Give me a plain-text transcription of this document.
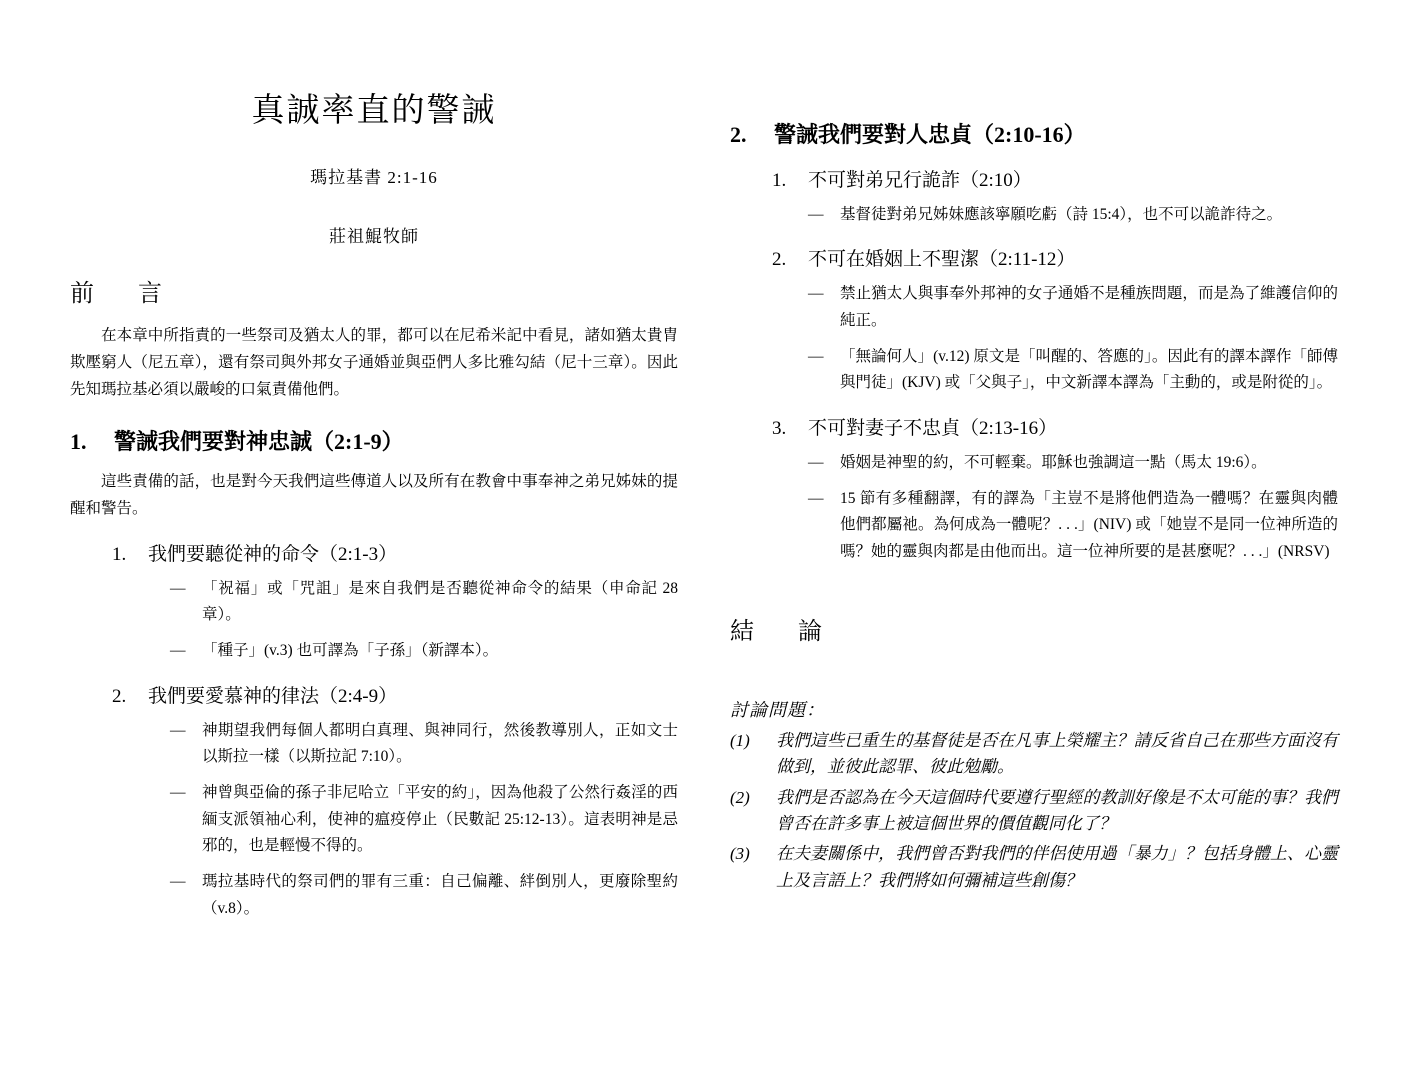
真誠率直的警誡
瑪拉基書 2:1-16
莊祖鯤牧師
前　言

在本章中所指責的一些祭司及猶太人的罪，都可以在尼希米記中看見，諸如猶太貴胄欺壓窮人（尼五章），還有祭司與外邦女子通婚並與亞們人多比雅勾結（尼十三章）。因此先知瑪拉基必須以嚴峻的口氣責備他們。

1.	警誡我們要對神忠誠（2:1-9）

這些責備的話，也是對今天我們這些傳道人以及所有在教會中事奉神之弟兄姊妹的提醒和警告。

1.	我們要聽從神的命令（2:1-3）
— 「祝福」或「咒詛」是來自我們是否聽從神命令的結果（申命記 28 章）。
— 「種子」(v.3) 也可譯為「子孫」（新譯本）。
2.	我們要愛慕神的律法（2:4-9）
— 神期望我們每個人都明白真理、與神同行，然後教導別人，正如文士以斯拉一樣（以斯拉記 7:10）。
— 神曾與亞倫的孫子非尼哈立「平安的約」，因為他殺了公然行姦淫的西緬支派領袖心利，使神的瘟疫停止（民數記 25:12-13）。這表明神是忌邪的，也是輕慢不得的。
— 瑪拉基時代的祭司們的罪有三重：自己偏離、絆倒別人，更廢除聖約（v.8）。
2.	警誡我們要對人忠貞（2:10-16）
1.	不可對弟兄行詭詐（2:10）
— 基督徒對弟兄姊妹應該寧願吃虧（詩 15:4），也不可以詭詐待之。
2.	不可在婚姻上不聖潔（2:11-12）
— 禁止猶太人與事奉外邦神的女子通婚不是種族問題，而是為了維護信仰的純正。
— 「無論何人」(v.12) 原文是「叫醒的、答應的」。因此有的譯本譯作「師傅與門徒」(KJV) 或「父與子」，中文新譯本譯為「主動的，或是附從的」。
3.	不可對妻子不忠貞（2:13-16）
— 婚姻是神聖的約，不可輕棄。耶穌也強調這一點（馬太 19:6）。
— 15 節有多種翻譯，有的譯為「主豈不是將他們造為一體嗎？在靈與肉體他們都屬祂。為何成為一體呢？. . .」(NIV) 或「她豈不是同一位神所造的嗎？她的靈與肉都是由他而出。這一位神所要的是甚麼呢？. . .」(NRSV)
結　論
討論問題：
(1)	我們這些已重生的基督徒是否在凡事上榮耀主？請反省自己在那些方面沒有做到，並彼此認罪、彼此勉勵。
(2)	我們是否認為在今天這個時代要遵行聖經的教訓好像是不太可能的事？我們曾否在許多事上被這個世界的價值觀同化了？
(3)	在夫妻關係中，我們曾否對我們的伴侶使用過「暴力」？包括身體上、心靈上及言語上？我們將如何彌補這些創傷？
